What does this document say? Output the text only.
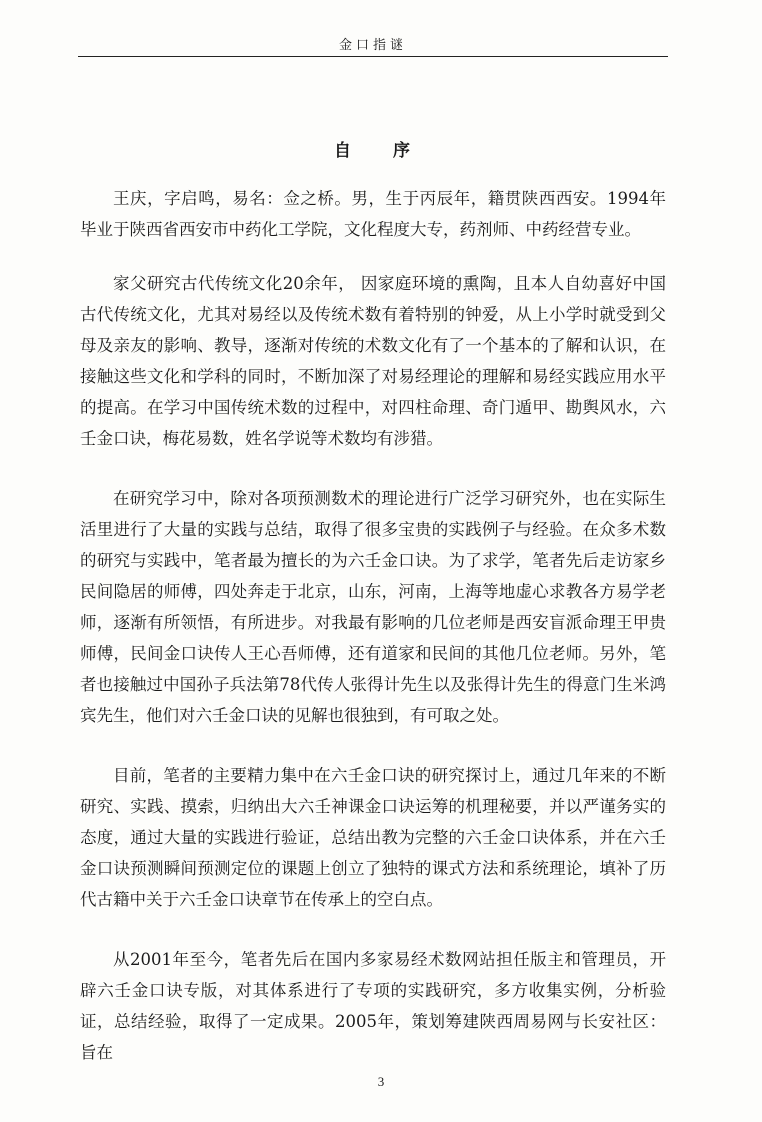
金口指谜
自 序

王庆，字启鸣，易名：佥之桥。男，生于丙辰年，籍贯陕西西安。1994年毕业于陕西省西安市中药化工学院，文化程度大专，药剂师、中药经营专业。

家父研究古代传统文化20余年， 因家庭环境的熏陶，且本人自幼喜好中国古代传统文化，尤其对易经以及传统术数有着特别的钟爱，从上小学时就受到父母及亲友的影响、教导，逐渐对传统的术数文化有了一个基本的了解和认识，在接触这些文化和学科的同时，不断加深了对易经理论的理解和易经实践应用水平的提高。在学习中国传统术数的过程中，对四柱命理、奇门遁甲、勘舆风水，六壬金口诀，梅花易数，姓名学说等术数均有涉猎。

在研究学习中，除对各项预测数术的理论进行广泛学习研究外，也在实际生活里进行了大量的实践与总结，取得了很多宝贵的实践例子与经验。在众多术数的研究与实践中，笔者最为擅长的为六壬金口诀。为了求学，笔者先后走访家乡民间隐居的师傅，四处奔走于北京，山东，河南，上海等地虚心求教各方易学老师，逐渐有所领悟，有所进步。对我最有影响的几位老师是西安盲派命理王甲贵师傅，民间金口诀传人王心吾师傅，还有道家和民间的其他几位老师。另外，笔者也接触过中国孙子兵法第78代传人张得计先生以及张得计先生的得意门生米鸿宾先生，他们对六壬金口诀的见解也很独到，有可取之处。

目前，笔者的主要精力集中在六壬金口诀的研究探讨上，通过几年来的不断研究、实践、摸索，归纳出大六壬神课金口诀运筹的机理秘要，并以严谨务实的态度，通过大量的实践进行验证，总结出教为完整的六壬金口诀体系，并在六壬金口诀预测瞬间预测定位的课题上创立了独特的课式方法和系统理论，填补了历代古籍中关于六壬金口诀章节在传承上的空白点。

从2001年至今，笔者先后在国内多家易经术数网站担任版主和管理员，开辟六壬金口诀专版，对其体系进行了专项的实践研究，多方收集实例，分析验证，总结经验，取得了一定成果。2005年，策划筹建陕西周易网与长安社区：旨在

3
